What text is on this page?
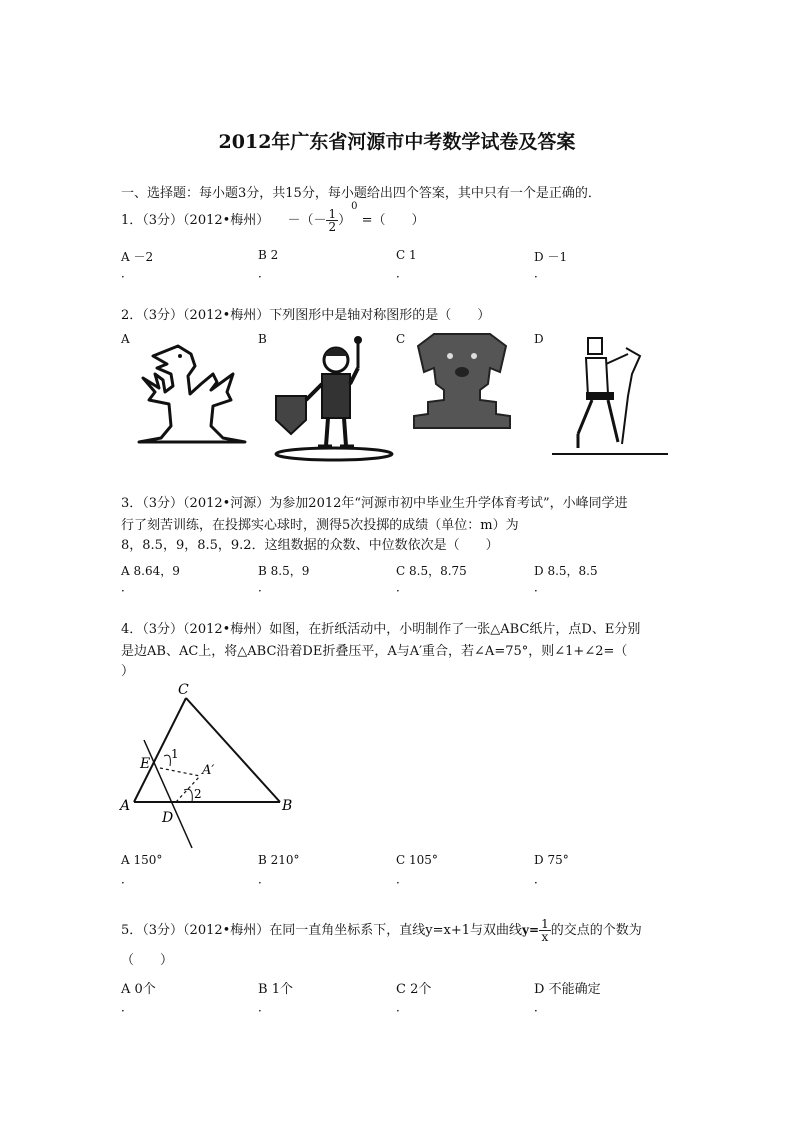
2012年广东省河源市中考数学试卷及答案
一、选择题：每小题3分，共15分，每小题给出四个答案，其中只有一个是正确的．
1．（3分）（2012•梅州） －（－ $\frac{1}{2} )^0$ =（　　）
A －2	B 2	C 1	D －1
．	．	．	．
2．（3分）（2012•梅州）下列图形中是轴对称图形的是（　　）
A	B	C	D
3．（3分）（2012•河源）为参加2012年“河源市初中毕业生升学体育考试”，小峰同学进
行了刻苦训练，在投掷实心球时，测得5次投掷的成绩（单位：m）为
8，8.5，9，8.5，9.2．这组数据的众数、中位数依次是（　　）
A 8.64，9	B 8.5，9	C 8.5，8.75	D 8.5，8.5
．	．	．	．
4．（3分）（2012•梅州）如图，在折纸活动中，小明制作了一张△ABC纸片，点D、E分别
是边AB、AC上，将△ABC沿着DE折叠压平，A与A′重合，若∠A=75°，则∠1+∠2=（
）
C
E
A
D
B
A′
1
2
A 150°	B 210°	C 105°	D 75°
．	．	．	．
5．（3分）（2012•梅州）在同一直角坐标系下，直线y=x+1与双曲线$y= \frac{1}{x}$ 的交点的个数为
（　　）
A 0个	B 1个	C 2个	D 不能确定
．	．	．	．
